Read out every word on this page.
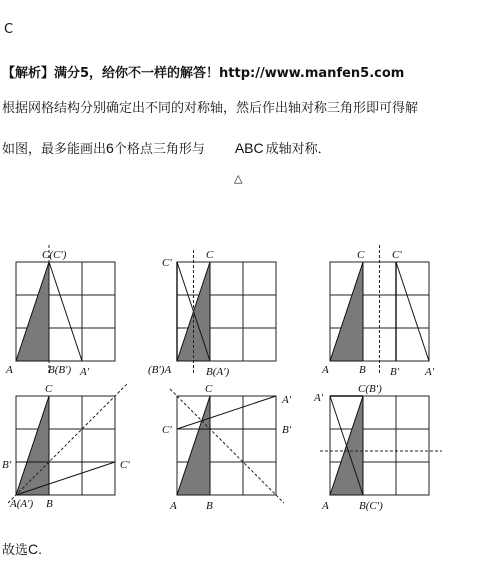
C
【解析】满分5，给你不一样的解答！http://www.manfen5.com
根据网格结构分别确定出不同的对称轴，然后作出轴对称三角形即可得解
如图，最多能画出6个格点三角形与 ABC 成轴对称．
△
C(C′)
A	B(B′) A′
C′
C
(B′)A	B(A′)
C	C′
A	B B′ A′
C
B′	C′
A(A′) B
C
A′
C′	B′
A	B
A′
C(B′)
A	B(C′)
故选C.
